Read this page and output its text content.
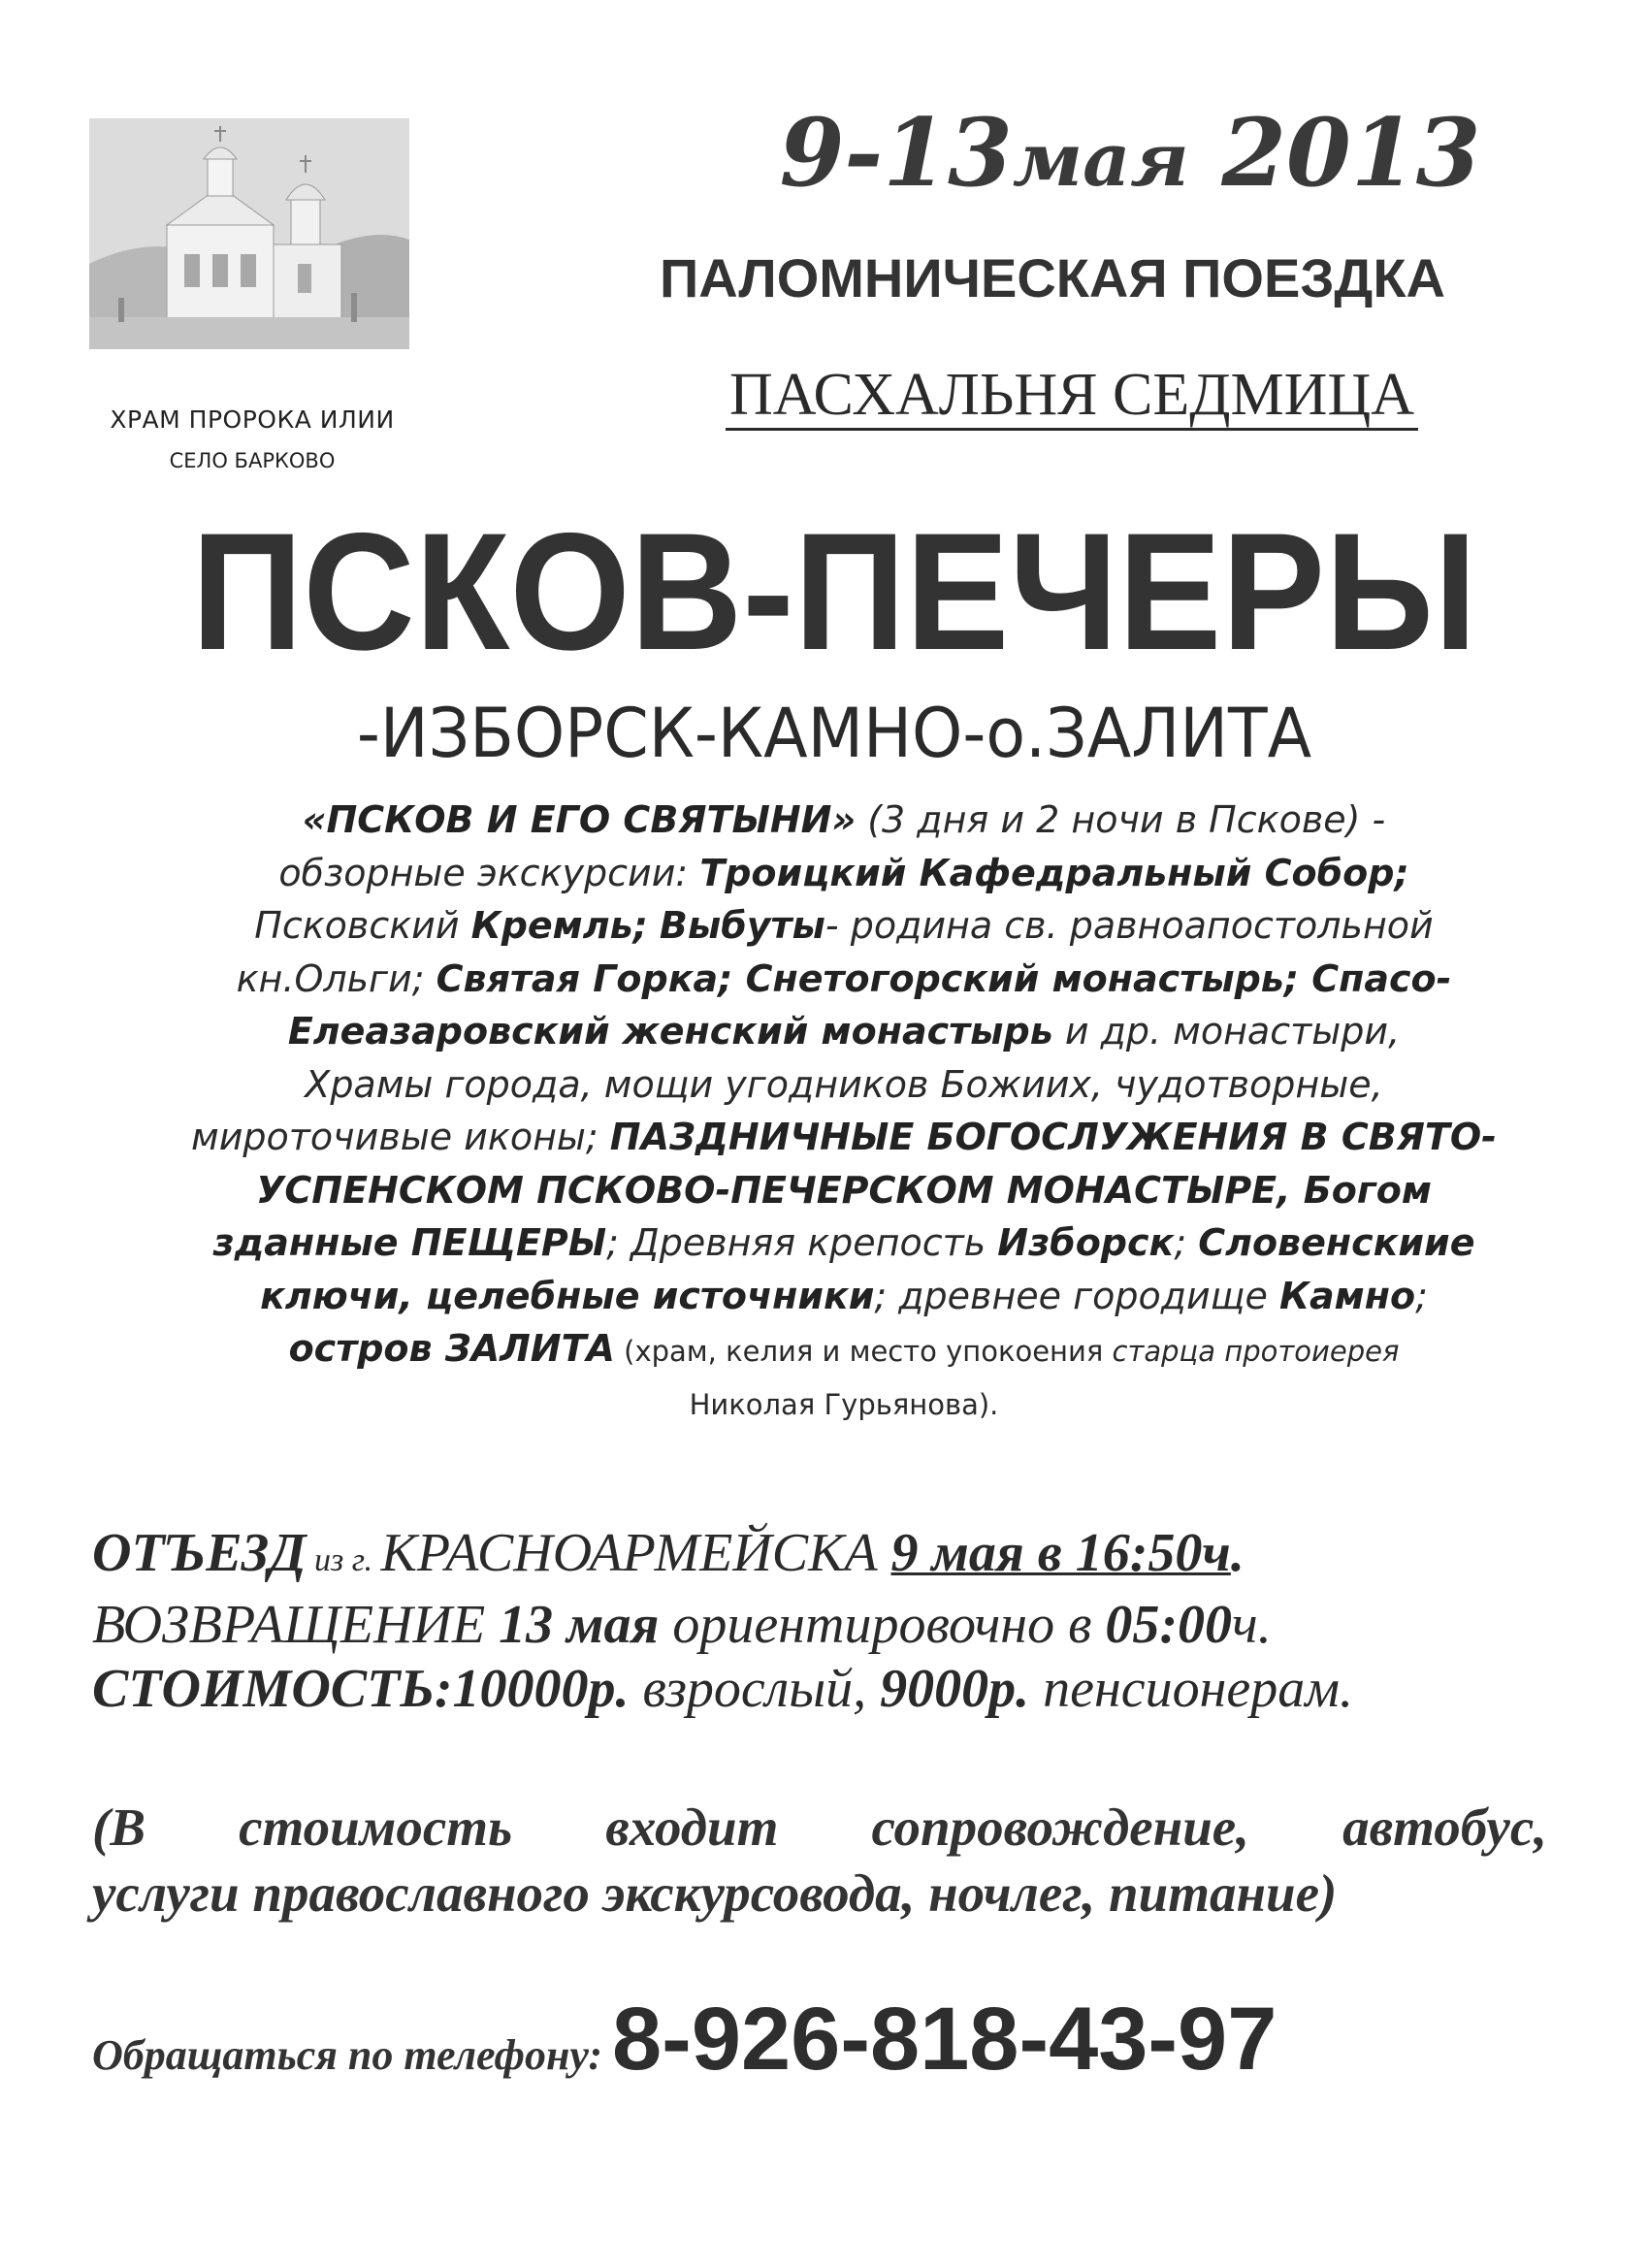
ХРАМ ПРОРОКА ИЛИИ
СЕЛО БАРКОВО
9-13мая 2013
ПАЛОМНИЧЕСКАЯ ПОЕЗДКА
ПАСХАЛЬНЯ СЕДМИЦА
ПСКОВ-ПЕЧЕРЫ
-ИЗБОРСК-КАМНО-о.ЗАЛИТА
«ПСКОВ И ЕГО СВЯТЫНИ» (3 дня и 2 ночи в Пскове) -
обзорные экскурсии: Троицкий Кафедральный Собор;
Псковский Кремль; Выбуты- родина св. равноапостольной
кн.Ольги; Святая Горка; Снетогорский монастырь; Спасо-
Елеазаровский женский монастырь и др. монастыри,
Храмы города, мощи угодников Божиих, чудотворные,
мироточивые иконы; ПАЗДНИЧНЫЕ БОГОСЛУЖЕНИЯ В СВЯТО-
УСПЕНСКОМ ПСКОВО-ПЕЧЕРСКОМ МОНАСТЫРЕ, Богом
зданные ПЕЩЕРЫ; Древняя крепость Изборск; Словенскиие
ключи, целебные источники; древнее городище Камно;
остров ЗАЛИТА (храм, келия и место упокоения старца протоиерея
Николая Гурьянова).
ОТЪЕЗД из г. КРАСНОАРМЕЙСКА 9 мая в 16:50ч.
ВОЗВРАЩЕНИЕ 13 мая ориентировочно в 05:00ч.
СТОИМОСТЬ:10000р. взрослый, 9000р. пенсионерам.
(В стоимость входит сопровождение, автобус,
услуги православного экскурсовода, ночлег, питание)
Обращаться по телефону: 8-926-818-43-97
